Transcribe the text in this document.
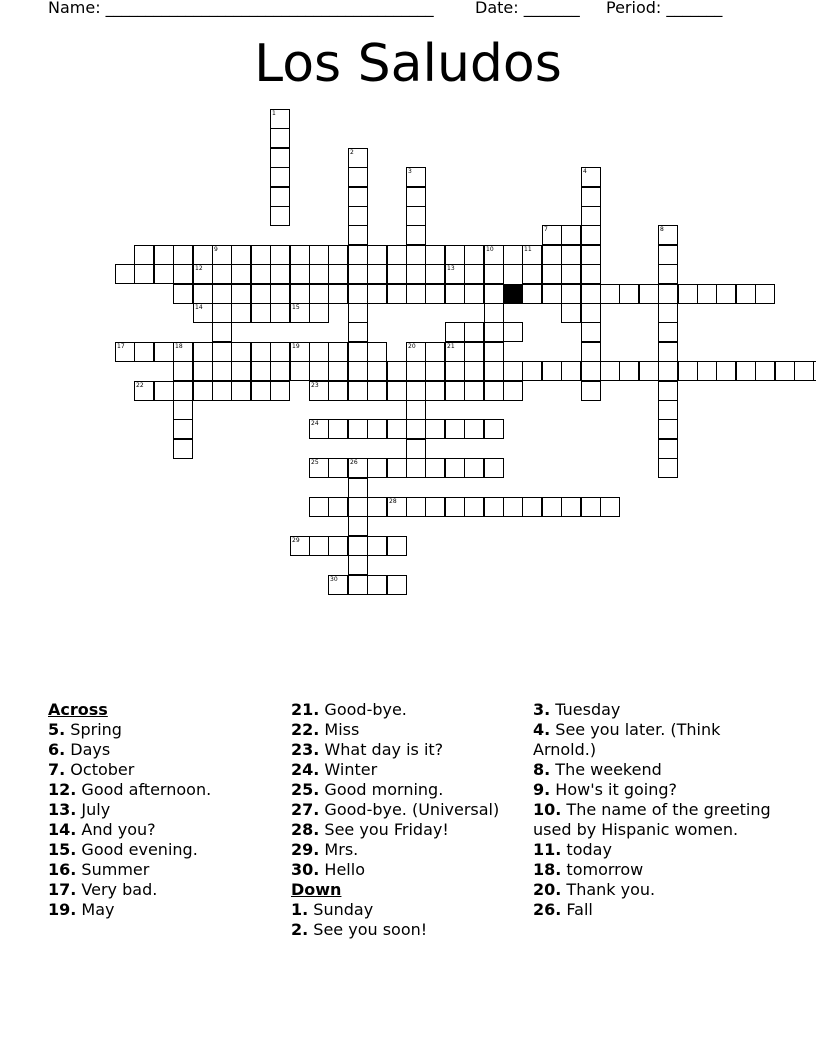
Name: _________________________________________	Date: _______ Period: _______
Los Saludos
12
18	19
9	10	11
1
2
3	4
7	8
13
14	15
17	20	21
22	23
24
25	26
28
29
30
Across
5. Spring
6. Days
7. October
12. Good afternoon.
13. July
14. And you?
15. Good evening.
16. Summer
17. Very bad.
19. May
21. Good-bye.
22. Miss
23. What day is it?
24. Winter
25. Good morning.
27. Good-bye. (Universal)
28. See you Friday!
29. Mrs.
30. Hello
Down
1. Sunday
2. See you soon!
3. Tuesday
4. See you later. (Think Arnold.)
8. The weekend
9. How's it going?
10. The name of the greeting used by Hispanic women.
11. today
18. tomorrow
20. Thank you.
26. Fall
